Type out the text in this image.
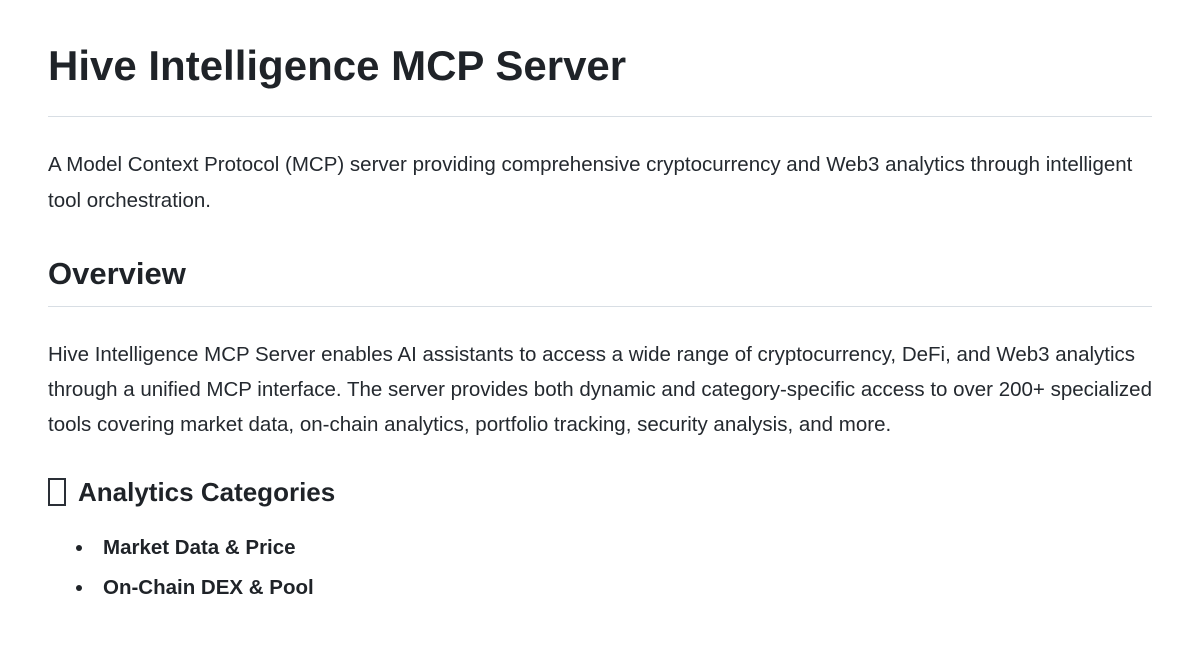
Hive Intelligence MCP Server

A Model Context Protocol (MCP) server providing comprehensive cryptocurrency and Web3 analytics through intelligent tool orchestration.

Overview

Hive Intelligence MCP Server enables AI assistants to access a wide range of cryptocurrency, DeFi, and Web3 analytics through a unified MCP interface. The server provides both dynamic and category-specific access to over 200+ specialized tools covering market data, on-chain analytics, portfolio tracking, security analysis, and more.

Analytics Categories
• Market Data & Price
• On-Chain DEX & Pool
